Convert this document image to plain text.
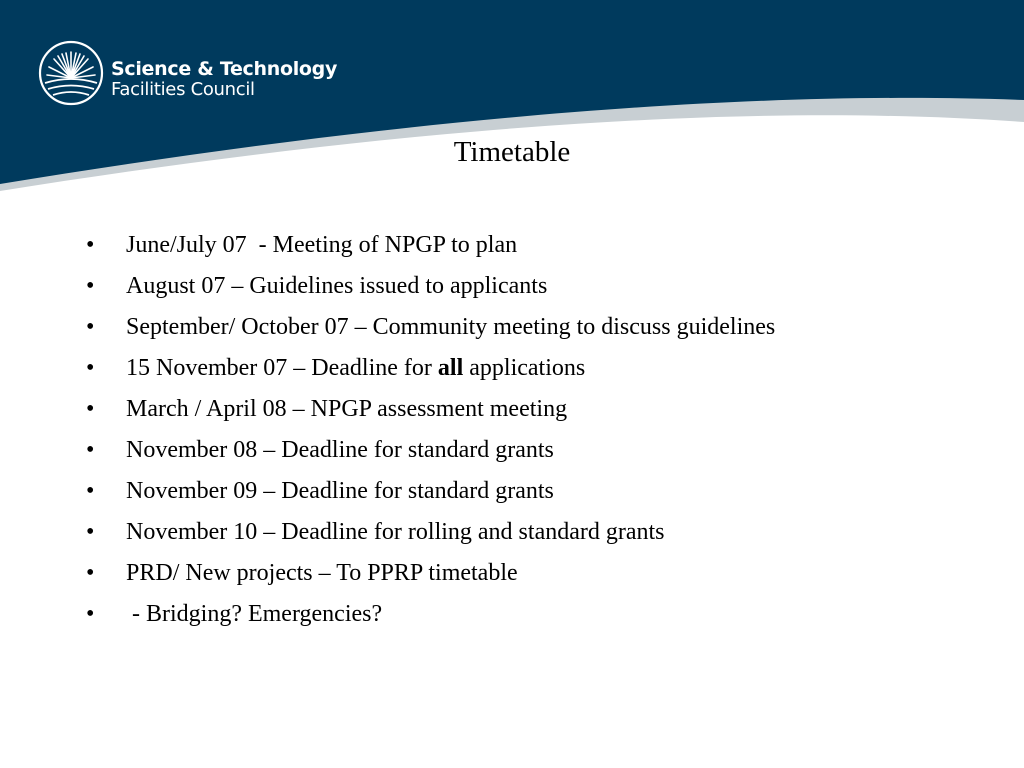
Science & Technology
Facilities Council
Timetable
• June/July 07  - Meeting of NPGP to plan
• August 07 – Guidelines issued to applicants
• September/ October 07 – Community meeting to discuss guidelines
• 15 November 07 – Deadline for all applications
• March / April 08 – NPGP assessment meeting
• November 08 – Deadline for standard grants
• November 09 – Deadline for standard grants
• November 10 – Deadline for rolling and standard grants
• PRD/ New projects – To PPRP timetable
• - Bridging? Emergencies?
